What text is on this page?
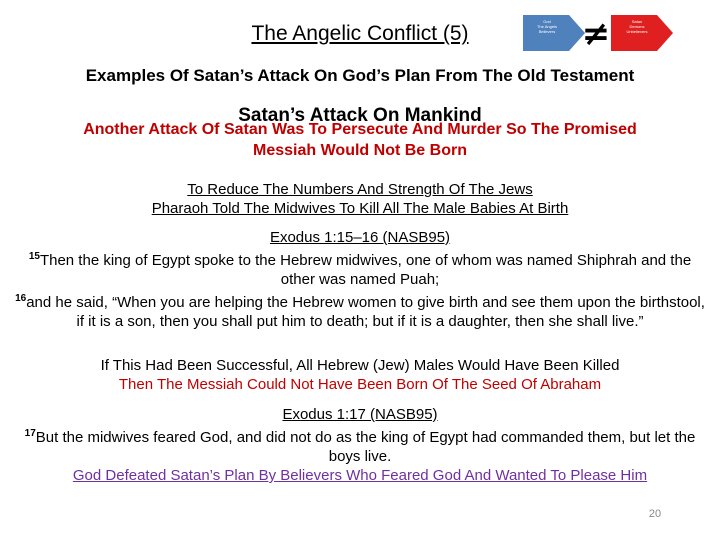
The Angelic Conflict (5)
God
The Angels
Believers ≠	Satan
Demons
Unbelievers
Examples Of Satan’s Attack On God’s Plan From The Old Testament
Satan’s Attack On Mankind
Another Attack Of Satan Was To Persecute And Murder So The Promised
Messiah Would Not Be Born
To Reduce The Numbers And Strength Of The Jews
Pharaoh Told The Midwives To Kill All The Male Babies At Birth
Exodus 1:15–16 (NASB95)
$^{15}$Then the king of Egypt spoke to the Hebrew midwives, one of whom was named Shiphrah and the other was named Puah;
$^{16}$and he said, “When you are helping the Hebrew women to give birth and see them upon the birthstool, if it is a son, then you shall put him to death; but if it is a daughter, then she shall live.”
If This Had Been Successful, All Hebrew (Jew) Males Would Have Been Killed
Then The Messiah Could Not Have Been Born Of The Seed Of Abraham
Exodus 1:17 (NASB95)
$^{17}$But the midwives feared God, and did not do as the king of Egypt had commanded them, but let the boys live.
God Defeated Satan’s Plan By Believers Who Feared God And Wanted To Please Him
20
